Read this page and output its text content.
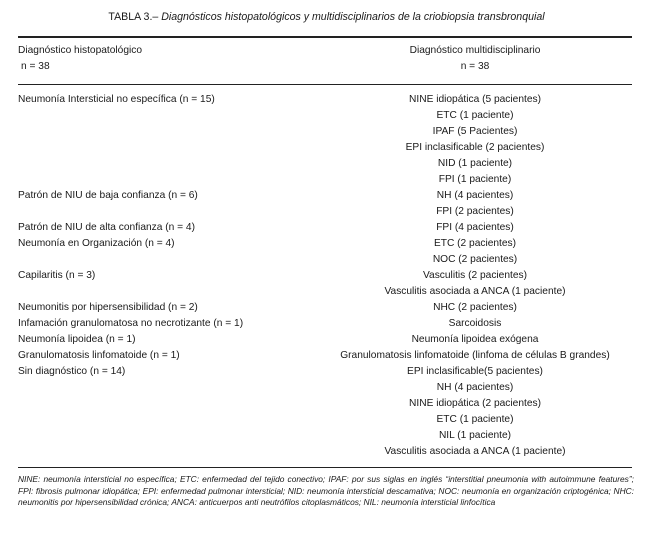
TABLA 3.– Diagnósticos histopatológicos y multidisciplinarios de la criobiopsia transbronquial
Diagnóstico histopatológico
n = 38
Diagnóstico multidisciplinario
n = 38
Neumonía Intersticial no específica (n = 15)
Patrón de NIU de baja confianza (n = 6)
Patrón de NIU de alta confianza (n = 4)
Neumonía en Organización (n = 4)
Capilaritis (n = 3)
Neumonitis por hipersensibilidad (n = 2)
Infamación granulomatosa no necrotizante (n = 1)
Neumonía lipoidea (n = 1)
Granulomatosis linfomatoide (n = 1)
Sin diagnóstico (n = 14)
NINE idiopática (5 pacientes)
ETC (1 paciente)
IPAF (5 Pacientes)
EPI inclasificable (2 pacientes)
NID (1 paciente)
FPI (1 paciente)
NH (4 pacientes)
FPI (2 pacientes)
FPI (4 pacientes)
ETC (2 pacientes)
NOC (2 pacientes)
Vasculitis (2 pacientes)
Vasculitis asociada a ANCA (1 paciente)
NHC (2 pacientes)
Sarcoidosis
Neumonía lipoidea exógena
Granulomatosis linfomatoide (linfoma de células B grandes)
EPI inclasificable(5 pacientes)
NH (4 pacientes)
NINE idiopática (2 pacientes)
ETC (1 paciente)
NIL (1 paciente)
Vasculitis asociada a ANCA (1 paciente)
NINE: neumonía intersticial no específica; ETC: enfermedad del tejido conectivo; IPAF: por sus siglas en inglés “interstitial pneumonia with autoimmune features”; FPI: fibrosis pulmonar idiopática; EPI: enfermedad pulmonar intersticial; NID: neumonía intersticial descamativa; NOC: neumonía en organización criptogénica; NHC: neumonitis por hipersensibilidad crónica; ANCA: anticuerpos anti neutrófilos citoplasmáticos; NIL: neumonía intersticial linfocítica
